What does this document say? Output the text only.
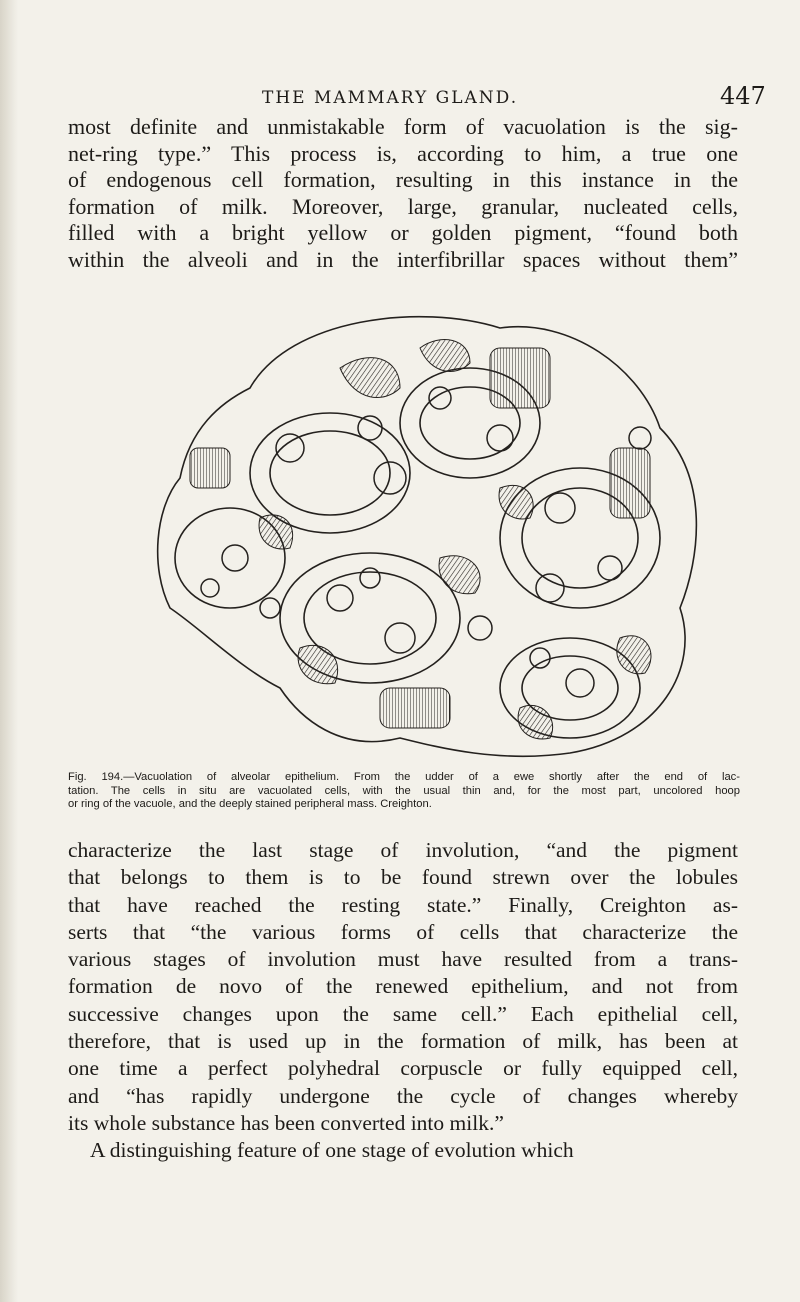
THE MAMMARY GLAND.	447

most definite and unmistakable form of vacuolation is the sig-
net-ring type.” This process is, according to him, a true one
of endogenous cell formation, resulting in this instance in the
formation of milk. Moreover, large, granular, nucleated cells,
filled with a bright yellow or golden pigment, “found both
within the alveoli and in the interfibrillar spaces without them”

Fig. 194.—Vacuolation of alveolar epithelium. From the udder of a ewe shortly after the end of lac-
tation. The cells in situ are vacuolated cells, with the usual thin and, for the most part, uncolored hoop
or ring of the vacuole, and the deeply stained peripheral mass. Creighton.

characterize the last stage of involution, “and the pigment
that belongs to them is to be found strewn over the lobules
that have reached the resting state.” Finally, Creighton as-
serts that “the various forms of cells that characterize the
various stages of involution must have resulted from a trans-
formation de novo of the renewed epithelium, and not from
successive changes upon the same cell.” Each epithelial cell,
therefore, that is used up in the formation of milk, has been at
one time a perfect polyhedral corpuscle or fully equipped cell,
and “has rapidly undergone the cycle of changes whereby
its whole substance has been converted into milk.”
A distinguishing feature of one stage of evolution which
